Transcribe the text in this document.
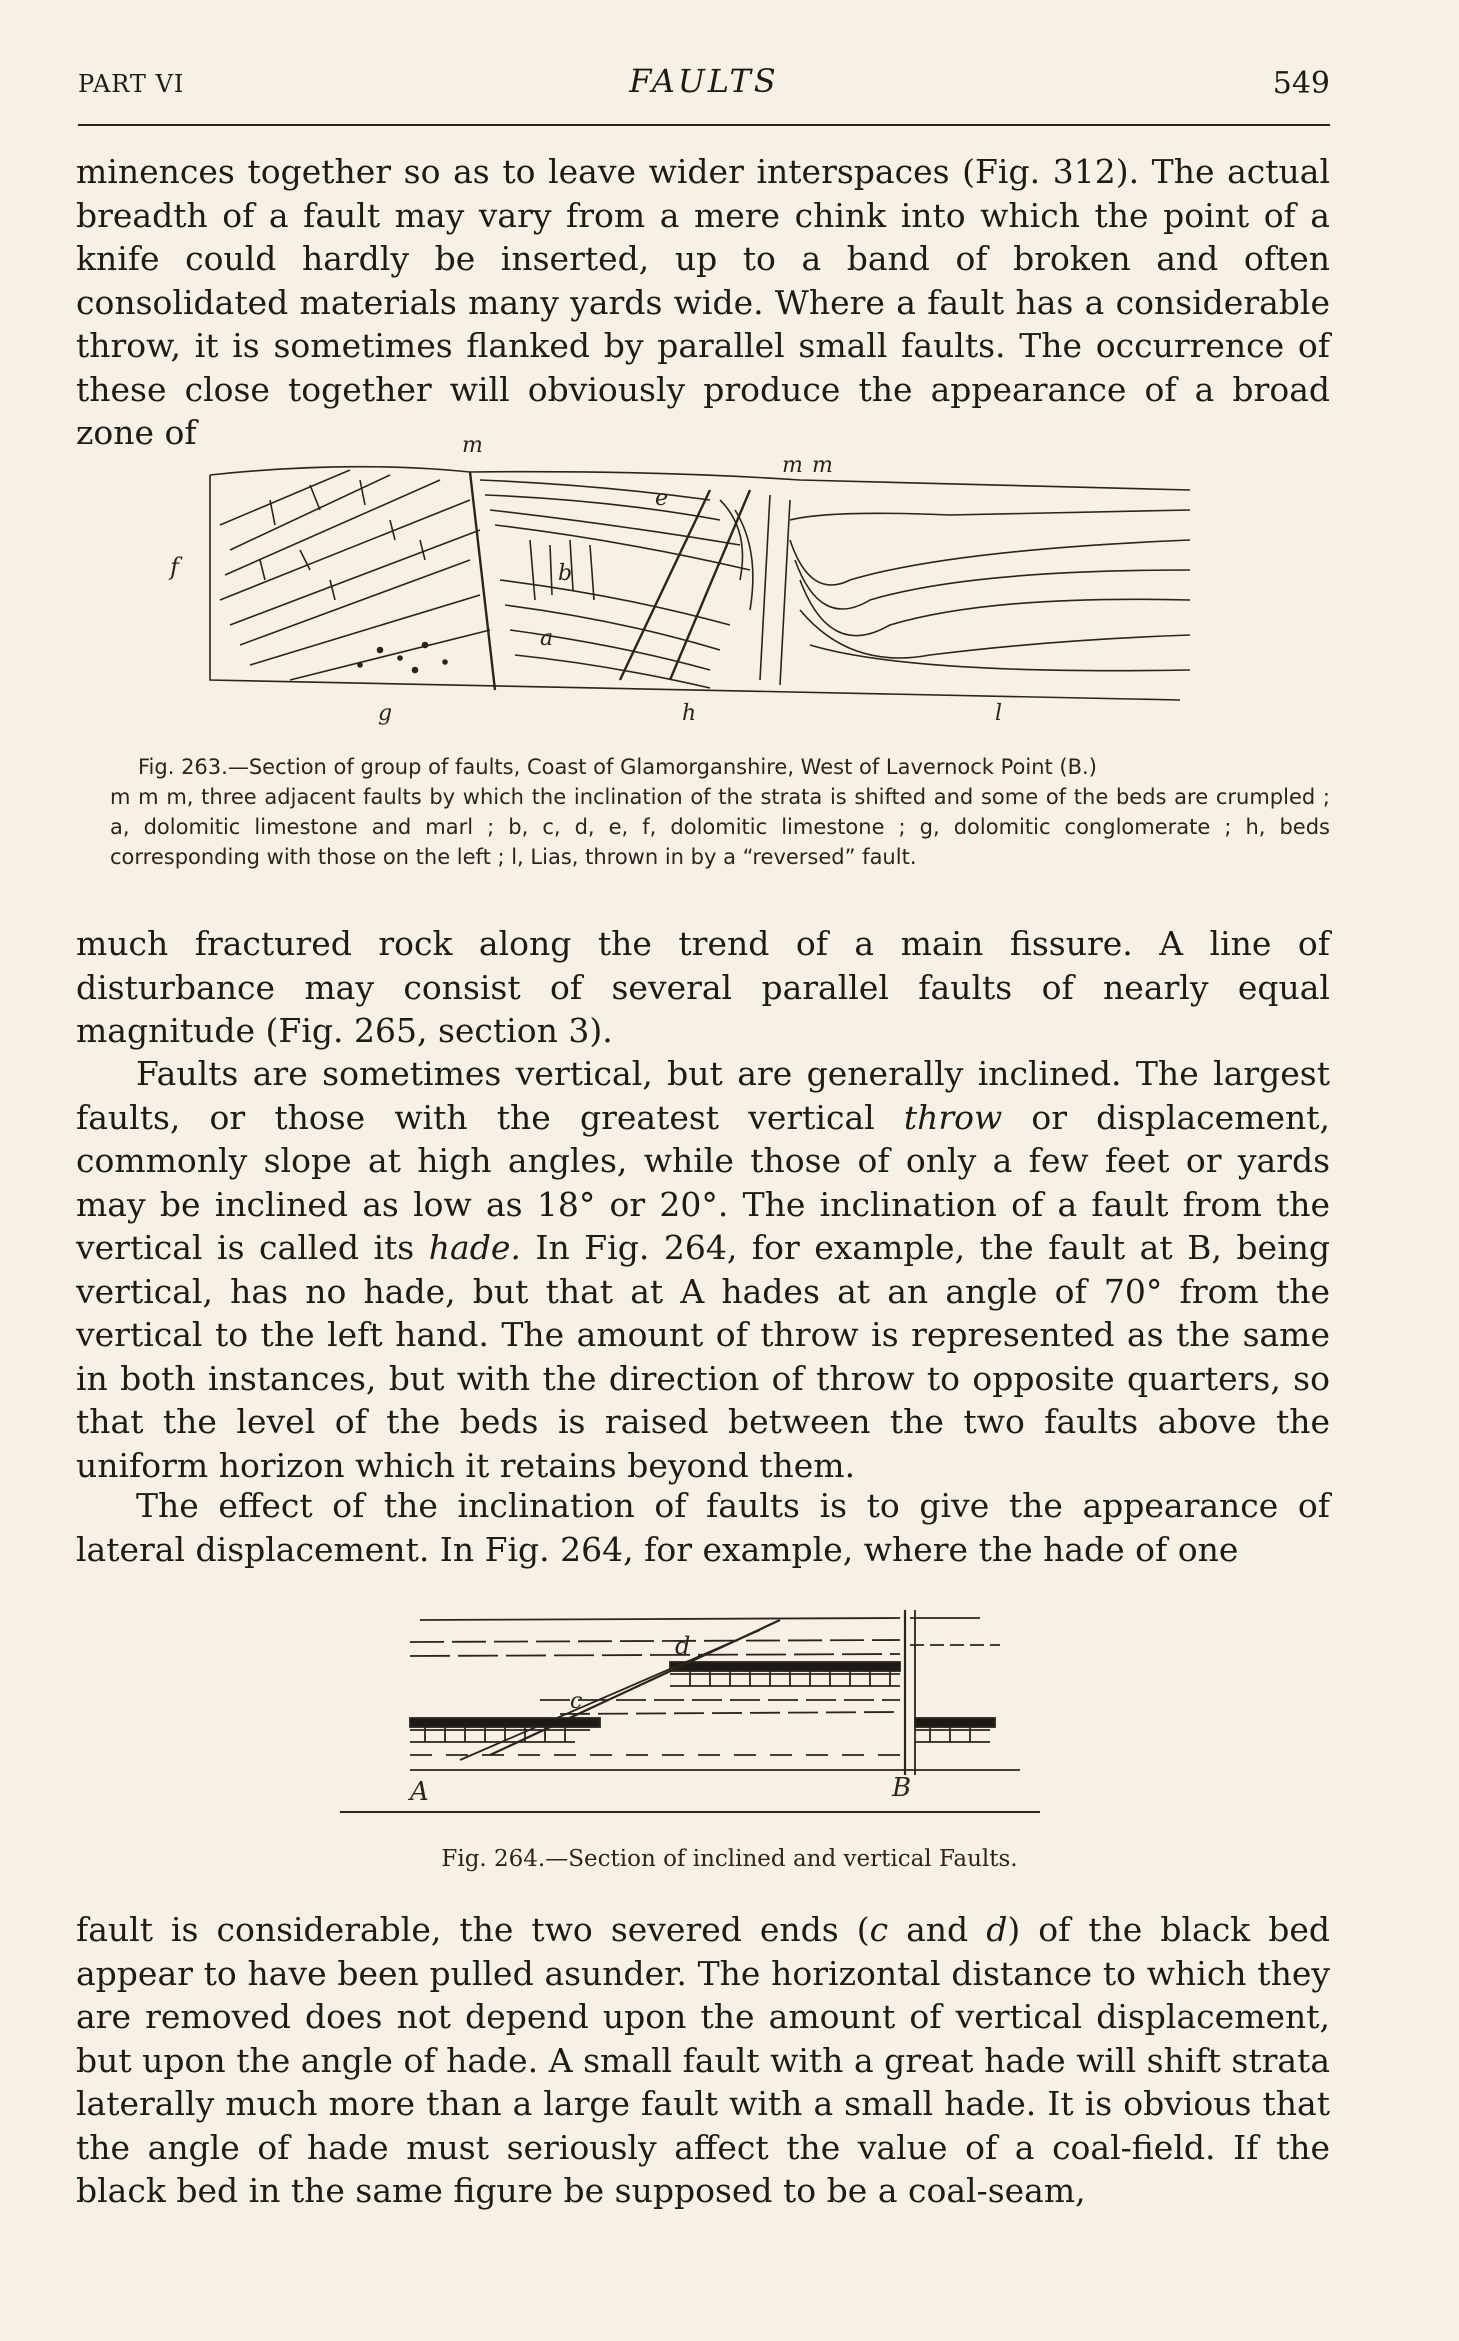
PART VI	FAULTS	549

minences together so as to leave wider interspaces (Fig. 312). The actual breadth of a fault may vary from a mere chink into which the point of a knife could hardly be inserted, up to a band of broken and often consolidated materials many yards wide. Where a fault has a considerable throw, it is sometimes flanked by parallel small faults. The occurrence of these close together will obviously produce the appearance of a broad zone of	m
m m
f
e
b
a
g	h	l
Fig. 263.—Section of group of faults, Coast of Glamorganshire, West of Lavernock Point (B.)
m m m, three adjacent faults by which the inclination of the strata is shifted and some of the beds are crumpled ; a, dolomitic limestone and marl ; b, c, d, e, f, dolomitic limestone ; g, dolomitic conglomerate ; h, beds corresponding with those on the left ; l, Lias, thrown in by a “reversed” fault.

much fractured rock along the trend of a main fissure. A line of disturbance may consist of several parallel faults of nearly equal magnitude (Fig. 265, section 3).

Faults are sometimes vertical, but are generally inclined. The largest faults, or those with the greatest vertical throw or displacement, commonly slope at high angles, while those of only a few feet or yards may be inclined as low as 18° or 20°. The inclination of a fault from the vertical is called its hade. In Fig. 264, for example, the fault at B, being vertical, has no hade, but that at A hades at an angle of 70° from the vertical to the left hand. The amount of throw is represented as the same in both instances, but with the direction of throw to opposite quarters, so that the level of the beds is raised between the two faults above the uniform horizon which it retains beyond them.

The effect of the inclination of faults is to give the appearance of lateral displacement. In Fig. 264, for example, where the hade of one

d
c
A	B
Fig. 264.—Section of inclined and vertical Faults.

fault is considerable, the two severed ends (c and d) of the black bed appear to have been pulled asunder. The horizontal distance to which they are removed does not depend upon the amount of vertical displacement, but upon the angle of hade. A small fault with a great hade will shift strata laterally much more than a large fault with a small hade. It is obvious that the angle of hade must seriously affect the value of a coal-field. If the black bed in the same figure be supposed to be a coal-seam,
